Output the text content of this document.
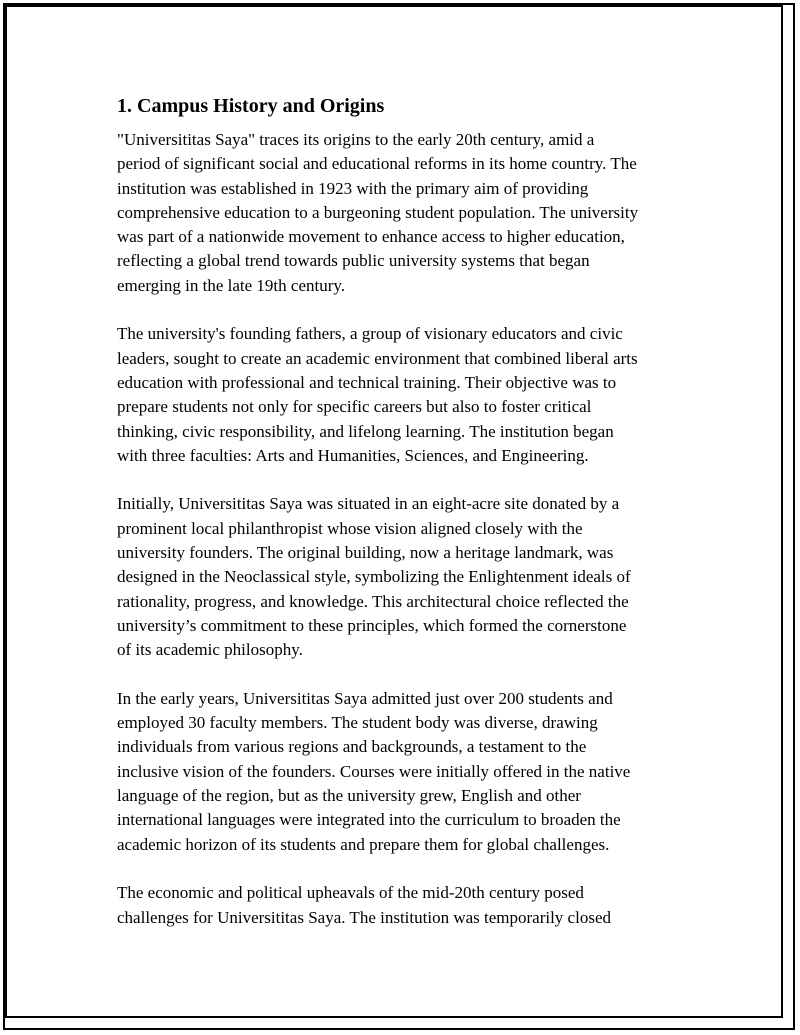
1. Campus History and Origins

"Universititas Saya" traces its origins to the early 20th century, amid a
period of significant social and educational reforms in its home country. The
institution was established in 1923 with the primary aim of providing
comprehensive education to a burgeoning student population. The university
was part of a nationwide movement to enhance access to higher education,
reflecting a global trend towards public university systems that began
emerging in the late 19th century.

The university's founding fathers, a group of visionary educators and civic
leaders, sought to create an academic environment that combined liberal arts
education with professional and technical training. Their objective was to
prepare students not only for specific careers but also to foster critical
thinking, civic responsibility, and lifelong learning. The institution began
with three faculties: Arts and Humanities, Sciences, and Engineering.

Initially, Universititas Saya was situated in an eight-acre site donated by a
prominent local philanthropist whose vision aligned closely with the
university founders. The original building, now a heritage landmark, was
designed in the Neoclassical style, symbolizing the Enlightenment ideals of
rationality, progress, and knowledge. This architectural choice reflected the
university’s commitment to these principles, which formed the cornerstone
of its academic philosophy.

In the early years, Universititas Saya admitted just over 200 students and
employed 30 faculty members. The student body was diverse, drawing
individuals from various regions and backgrounds, a testament to the
inclusive vision of the founders. Courses were initially offered in the native
language of the region, but as the university grew, English and other
international languages were integrated into the curriculum to broaden the
academic horizon of its students and prepare them for global challenges.

The economic and political upheavals of the mid-20th century posed
challenges for Universititas Saya. The institution was temporarily closed
